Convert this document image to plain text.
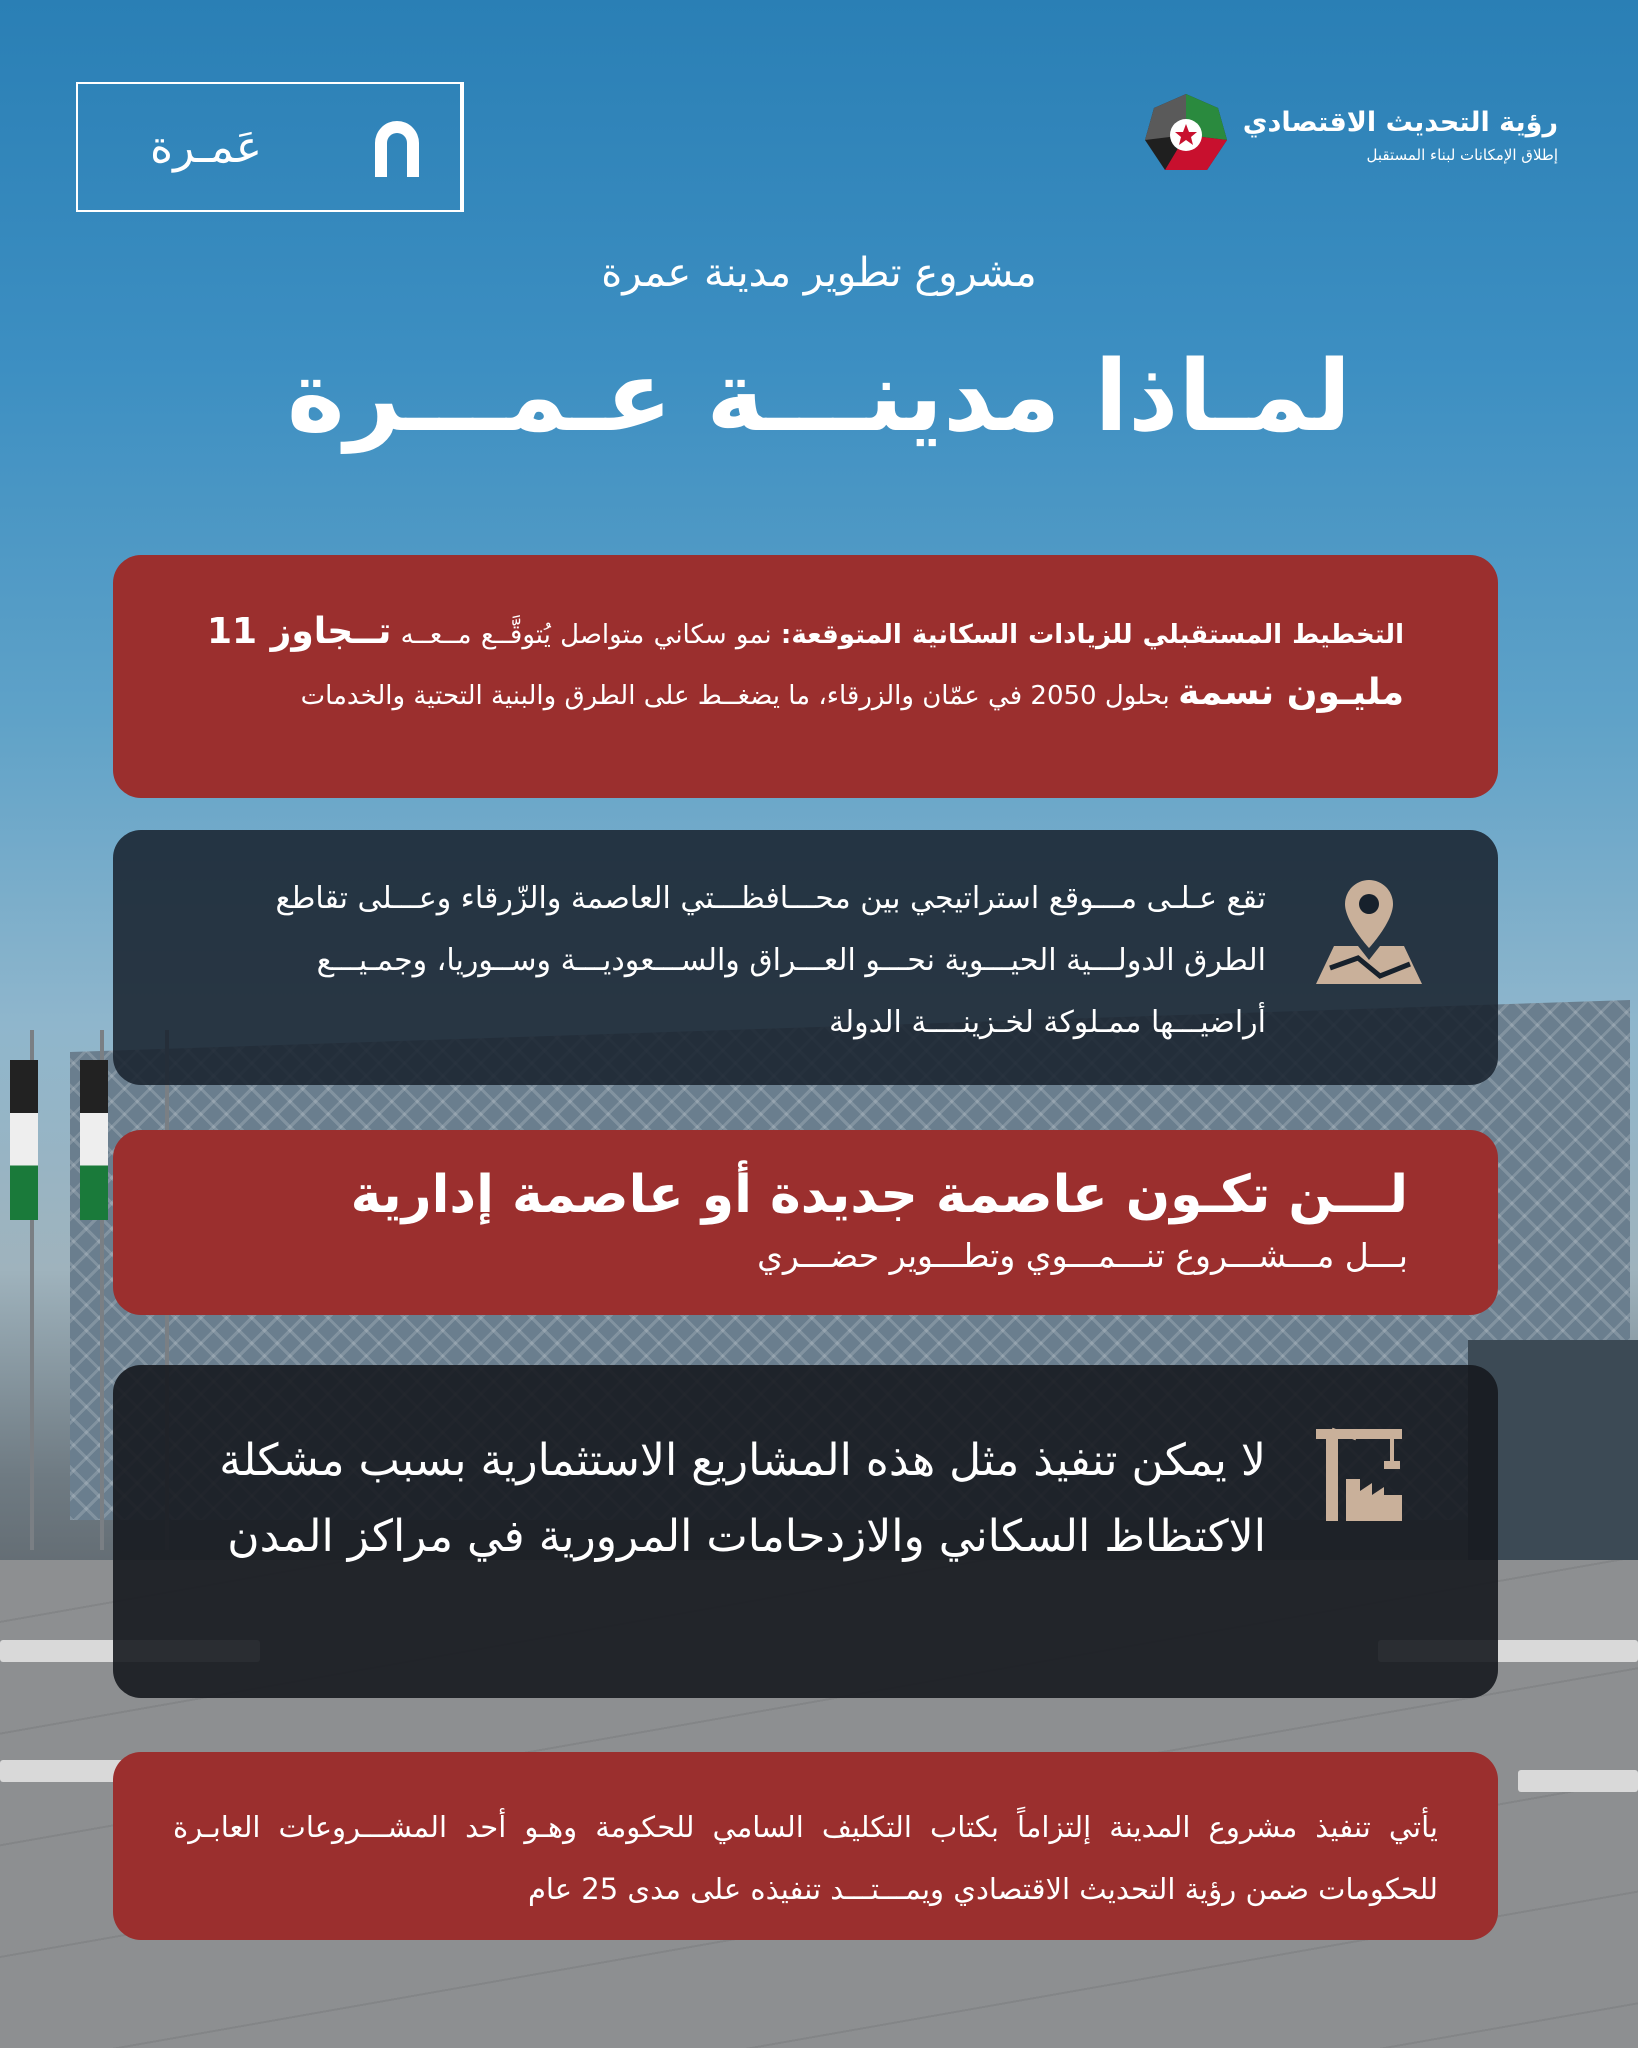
عَمـرة	رؤية التحديث الاقتصادي
إطلاق الإمكانات لبناء المستقبل
مشروع تطوير مدينة عمرة
لمـاذا مدينـــة عـمـــرة

التخطيط المستقبلي للزيادات السكانية المتوقعة: نمو سكاني متواصل يُتوقَّــع مــعــه تــجاوز 11 مليـون نسمة بحلول 2050 في عمّان والزرقاء، ما يضغــط على الطرق والبنية التحتية والخدمات

تقع عـلـى مـــوقع استراتيجي بين محـــافظـــتي العاصمة والزّرقاء وعـــلى تقاطع الطرق الدولـــية الحيـــوية نحـــو العـــراق والســـعوديـــة وســوريا، وجمـيـــع أراضيـــها ممـلوكة لخـزينــــة الدولة

لـــن تكـون عاصمة جديدة أو عاصمة إدارية
بـــل مـــشـــروع تنـــمـــوي وتطـــوير حضـــري

لا يمكن تنفيذ مثل هذه المشاريع الاستثمارية بسبب مشكلة الاكتظاظ السكاني والازدحامات المرورية في مراكز المدن

يأتي تنفيذ مشروع المدينة إلتزاماً بكتاب التكليف السامي للحكومة وهـو أحد المشـــروعات العابـرة للحكومات ضمن رؤية التحديث الاقتصادي ويمـــتـــد تنفيذه على مدى 25 عام
